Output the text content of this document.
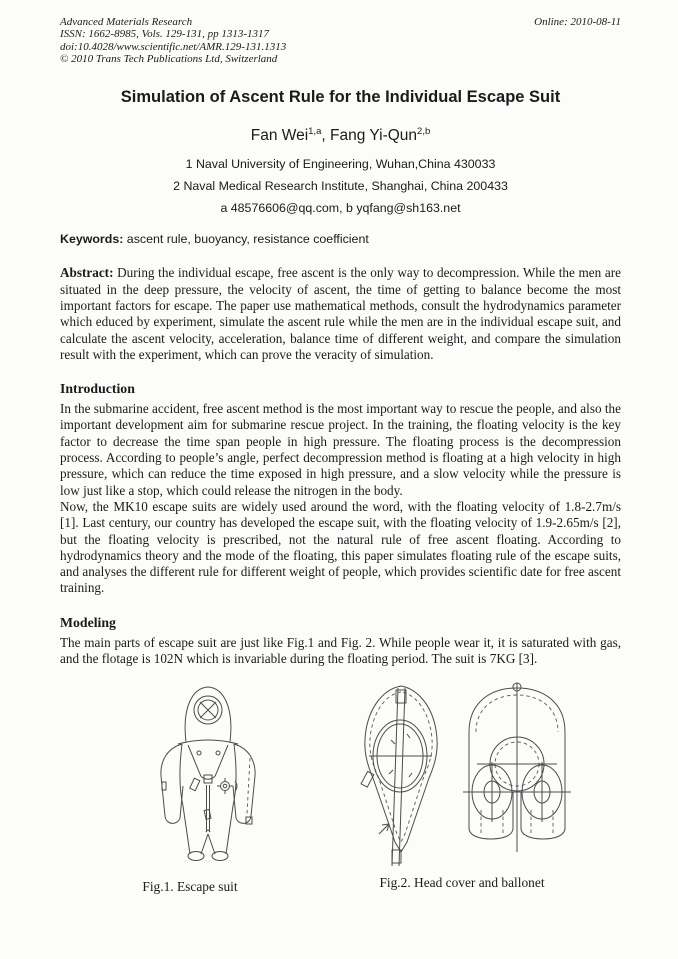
Advanced Materials Research
ISSN: 1662-8985, Vols. 129-131, pp 1313-1317
doi:10.4028/www.scientific.net/AMR.129-131.1313
© 2010 Trans Tech Publications Ltd, Switzerland
Online: 2010-08-11
Simulation of Ascent Rule for the Individual Escape Suit
Fan Wei$^{1,a}$, Fang Yi-Qun$^{2,b}$
1 Naval University of Engineering, Wuhan,China 430033
2 Naval Medical Research Institute, Shanghai, China 200433
a 48576606@qq.com, b yqfang@sh163.net
Keywords: ascent rule, buoyancy, resistance coefficient

Abstract: During the individual escape, free ascent is the only way to decompression. While the men are situated in the deep pressure, the velocity of ascent, the time of getting to balance become the most important factors for escape. The paper use mathematical methods, consult the hydrodynamics parameter which educed by experiment, simulate the ascent rule while the men are in the individual escape suit, and calculate the ascent velocity, acceleration, balance time of different weight, and compare the simulation result with the experiment, which can prove the veracity of simulation.

Introduction

In the submarine accident, free ascent method is the most important way to rescue the people, and also the important development aim for submarine rescue project. In the training, the floating velocity is the key factor to decrease the time span people in high pressure. The floating process is the decompression process. According to people’s angle, perfect decompression method is floating at a high velocity in high pressure, which can reduce the time exposed in high pressure, and a slow velocity while the pressure is low just like a stop, which could release the nitrogen in the body.

Now, the MK10 escape suits are widely used around the word, with the floating velocity of 1.8-2.7m/s [1]. Last century, our country has developed the escape suit, with the floating velocity of 1.9-2.65m/s [2], but the floating velocity is prescribed, not the natural rule of free ascent floating. According to hydrodynamics theory and the mode of the floating, this paper simulates floating rule of the escape suits, and analyses the different rule for different weight of people, which provides scientific date for free ascent training.

Modeling

The main parts of escape suit are just like Fig.1 and Fig. 2. While people wear it, it is saturated with gas, and the flotage is 102N which is invariable during the floating period. The suit is 7KG [3].

Fig.2. Head cover and ballonet
Fig.1. Escape suit
